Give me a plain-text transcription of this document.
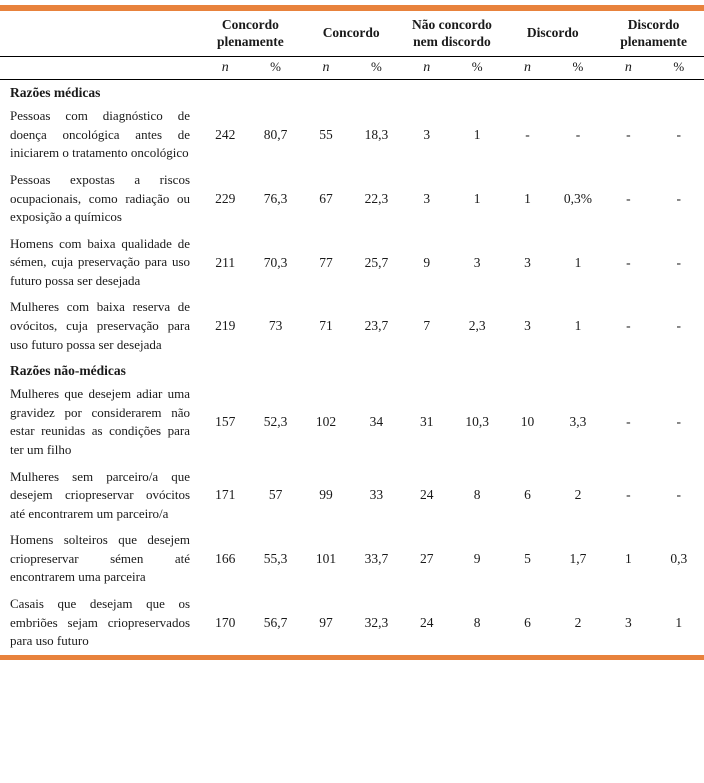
	Concordo plenamente		Concordo		Não concordo nem discordo		Discordo		Discordo plenamente	
	n	%	n	%	n	%	n	%	n	%
Razões médicas										
Pessoas com diagnóstico de doença oncológica antes de iniciarem o tratamento oncológico	242	80,7	55	18,3	3	1	-	-	-	-
Pessoas expostas a riscos ocupacionais, como radiação ou exposição a químicos	229	76,3	67	22,3	3	1	1	0,3%	-	-
Homens com baixa qualidade de sémen, cuja preservação para uso futuro possa ser desejada	211	70,3	77	25,7	9	3	3	1	-	-
Mulheres com baixa reserva de ovócitos, cuja preservação para uso futuro possa ser desejada	219	73	71	23,7	7	2,3	3	1	-	-
Razões não-médicas										
Mulheres que desejem adiar uma gravidez por considerarem não estar reunidas as condições para ter um filho	157	52,3	102	34	31	10,3	10	3,3	-	-
Mulheres sem parceiro/a que desejem criopreservar ovócitos até encontrarem um parceiro/a	171	57	99	33	24	8	6	2	-	-
Homens solteiros que desejem criopreservar sémen até encontrarem uma parceira	166	55,3	101	33,7	27	9	5	1,7	1	0,3
Casais que desejam que os embriões sejam criopreservados para uso futuro	170	56,7	97	32,3	24	8	6	2	3	1
